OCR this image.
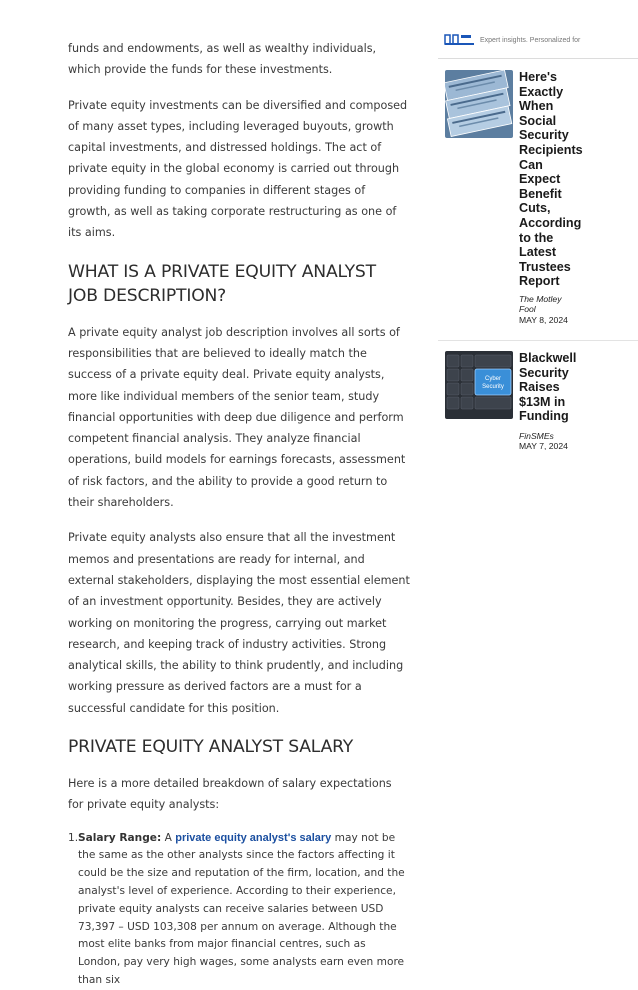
funds and endowments, as well as wealthy individuals, which provide the funds for these investments.

Private equity investments can be diversified and composed of many asset types, including leveraged buyouts, growth capital investments, and distressed holdings. The act of private equity in the global economy is carried out through providing funding to companies in different stages of growth, as well as taking corporate restructuring as one of its aims.

WHAT IS A PRIVATE EQUITY ANALYST JOB DESCRIPTION?

A private equity analyst job description involves all sorts of responsibilities that are believed to ideally match the success of a private equity deal. Private equity analysts, more like individual members of the senior team, study financial opportunities with deep due diligence and perform competent financial analysis. They analyze financial operations, build models for earnings forecasts, assessment of risk factors, and the ability to provide a good return to their shareholders.

Private equity analysts also ensure that all the investment memos and presentations are ready for internal, and external stakeholders, displaying the most essential element of an investment opportunity. Besides, they are actively working on monitoring the progress, carrying out market research, and keeping track of industry activities. Strong analytical skills, the ability to think prudently, and including working pressure as derived factors are a must for a successful candidate for this position.

PRIVATE EQUITY ANALYST SALARY

Here is a more detailed breakdown of salary expectations for private equity analysts:

1. Salary Range: A private equity analyst's salary may not be the same as the other analysts since the factors affecting it could be the size and reputation of the firm, location, and the analyst's level of experience. According to their experience, private equity analysts can receive salaries between USD 73,397 – USD 103,308 per annum on average. Although the most elite banks from major financial centres, such as London, pay very high wages, some analysts earn even more than six
Expert insights. Personalized for
Here's
Exactly
When
Social
Security
Recipients
Can
Expect
Benefit
Cuts,
According
to the
Latest
Trustees
Report
The Motley
Fool
MAY 8, 2024
Cyber
Security
Blackwell
Security
Raises
$13M in
Funding
FinSMEs
MAY 7, 2024
